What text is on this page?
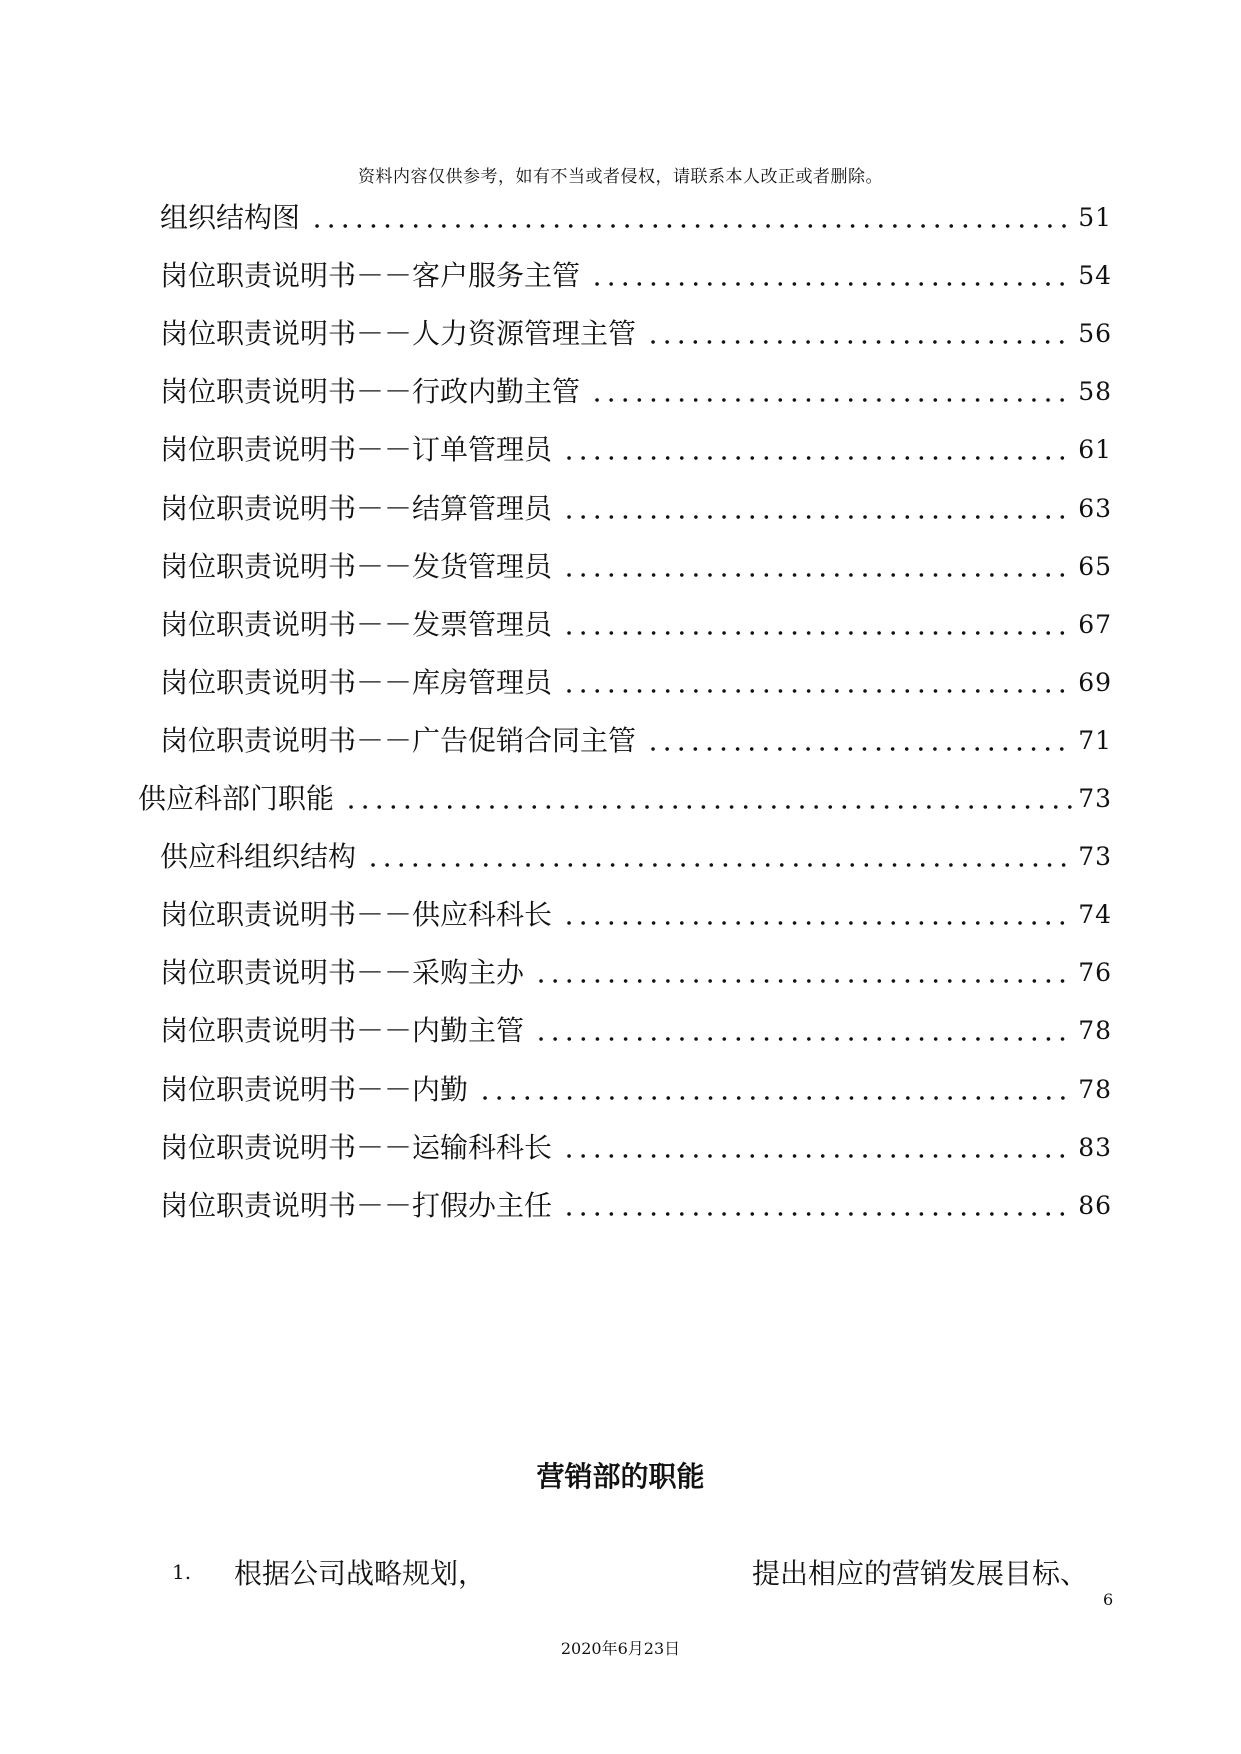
资料内容仅供参考，如有不当或者侵权，请联系本人改正或者删除。
组织结构图	51
岗位职责说明书－－客户服务主管	54
岗位职责说明书－－人力资源管理主管	56
岗位职责说明书－－行政内勤主管	58
岗位职责说明书－－订单管理员	61
岗位职责说明书－－结算管理员	63
岗位职责说明书－－发货管理员	65
岗位职责说明书－－发票管理员	67
岗位职责说明书－－库房管理员	69
岗位职责说明书－－广告促销合同主管	71
供应科部门职能	73
供应科组织结构	73
岗位职责说明书－－供应科科长	74
岗位职责说明书－－采购主办	76
岗位职责说明书－－内勤主管	78
岗位职责说明书－－内勤	78
岗位职责说明书－－运输科科长	83
岗位职责说明书－－打假办主任	86
营销部的职能
1. 根据公司战略规划，	提出相应的营销发展目标、
6
2020年6月23日
